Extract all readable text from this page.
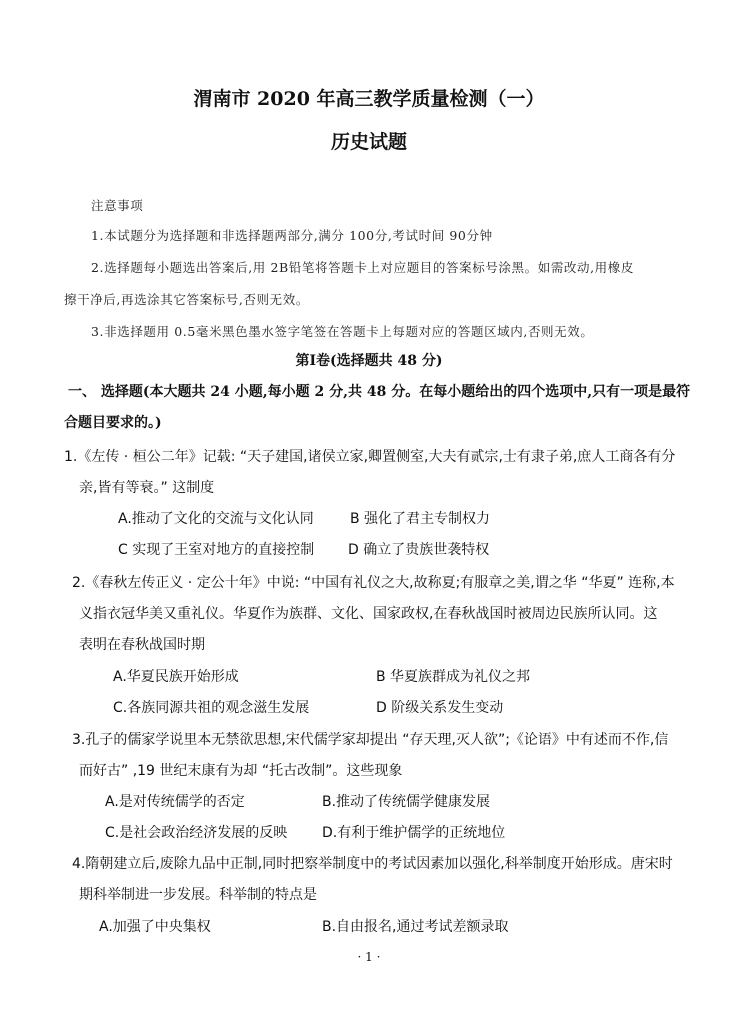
渭南市 2020 年高三教学质量检测（一）
历史试题
注意事项
1.本试题分为选择题和非选择题两部分,满分 100分,考试时间 90分钟
2.选择题每小题选出答案后,用 2B铅笔将答题卡上对应题目的答案标号涂黑。如需改动,用橡皮
擦干净后,再选涂其它答案标号,否则无效。
3.非选择题用 0.5毫米黑色墨水签字笔签在答题卡上每题对应的答题区域内,否则无效。
第Ⅰ卷(选择题共 48 分)
一、 选择题(本大题共 24 小题,每小题 2 分,共 48 分。在每小题给出的四个选项中,只有一项是最符
合题目要求的。)
1.《左传 · 桓公二年》记载: “天子建国,诸侯立家,卿置侧室,大夫有贰宗,士有隶子弟,庶人工商各有分
亲,皆有等衰。” 这制度
A.推动了文化的交流与文化认同	B 强化了君主专制权力
C 实现了王室对地方的直接控制 D 确立了贵族世袭特权
2.《春秋左传正义 · 定公十年》中说: “中国有礼仪之大,故称夏;有服章之美,谓之华 “华夏” 连称,本
义指衣冠华美又重礼仪。华夏作为族群、文化、国家政权,在春秋战国时被周边民族所认同。这
表明在春秋战国时期
A.华夏民族开始形成	B 华夏族群成为礼仪之邦
C.各族同源共祖的观念滋生发展	D 阶级关系发生变动
3.孔子的儒家学说里本无禁欲思想,宋代儒学家却提出 “存天理,灭人欲”;《论语》中有述而不作,信
而好古” ,19 世纪末康有为却 “托古改制”。这些现象
A.是对传统儒学的否定	B.推动了传统儒学健康发展
C.是社会政治经济发展的反映 D.有利于维护儒学的正统地位
4.隋朝建立后,废除九品中正制,同时把察举制度中的考试因素加以强化,科举制度开始形成。唐宋时
期科举制进一步发展。科举制的特点是
A.加强了中央集权	B.自由报名,通过考试差额录取
· 1 ·
